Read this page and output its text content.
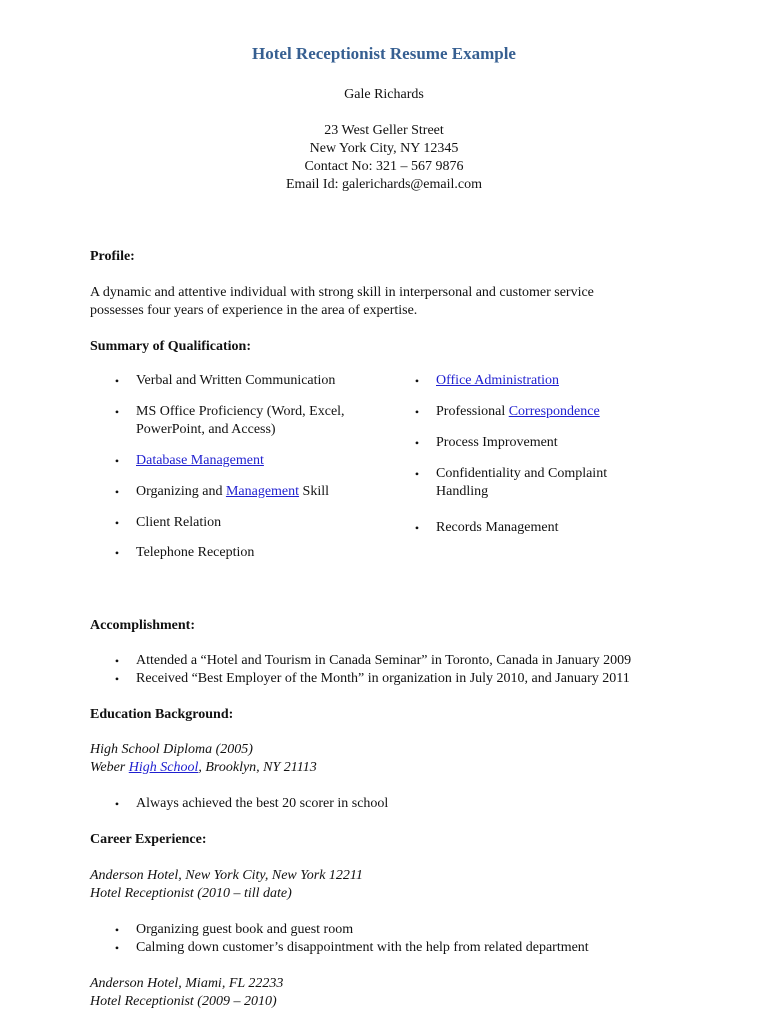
Hotel Receptionist Resume Example
Gale Richards
23 West Geller Street
New York City, NY 12345
Contact No: 321 – 567 9876
Email Id: galerichards@email.com
Profile:
A dynamic and attentive individual with strong skill in interpersonal and customer service
possesses four years of experience in the area of expertise.
Summary of Qualification:
• Verbal and Written Communication
• MS Office Proficiency (Word, Excel,
PowerPoint, and Access)
• Database Management
• Organizing and Management Skill
• Client Relation
• Telephone Reception
• Office Administration
• Professional Correspondence
• Process Improvement
• Confidentiality and Complaint
Handling
• Records Management
Accomplishment:
• Attended a “Hotel and Tourism in Canada Seminar” in Toronto, Canada in January 2009
• Received “Best Employer of the Month” in organization in July 2010, and January 2011
Education Background:
High School Diploma (2005)
Weber High School, Brooklyn, NY 21113
• Always achieved the best 20 scorer in school
Career Experience:
Anderson Hotel, New York City, New York 12211
Hotel Receptionist (2010 – till date)
• Organizing guest book and guest room
• Calming down customer’s disappointment with the help from related department
Anderson Hotel, Miami, FL 22233
Hotel Receptionist (2009 – 2010)
